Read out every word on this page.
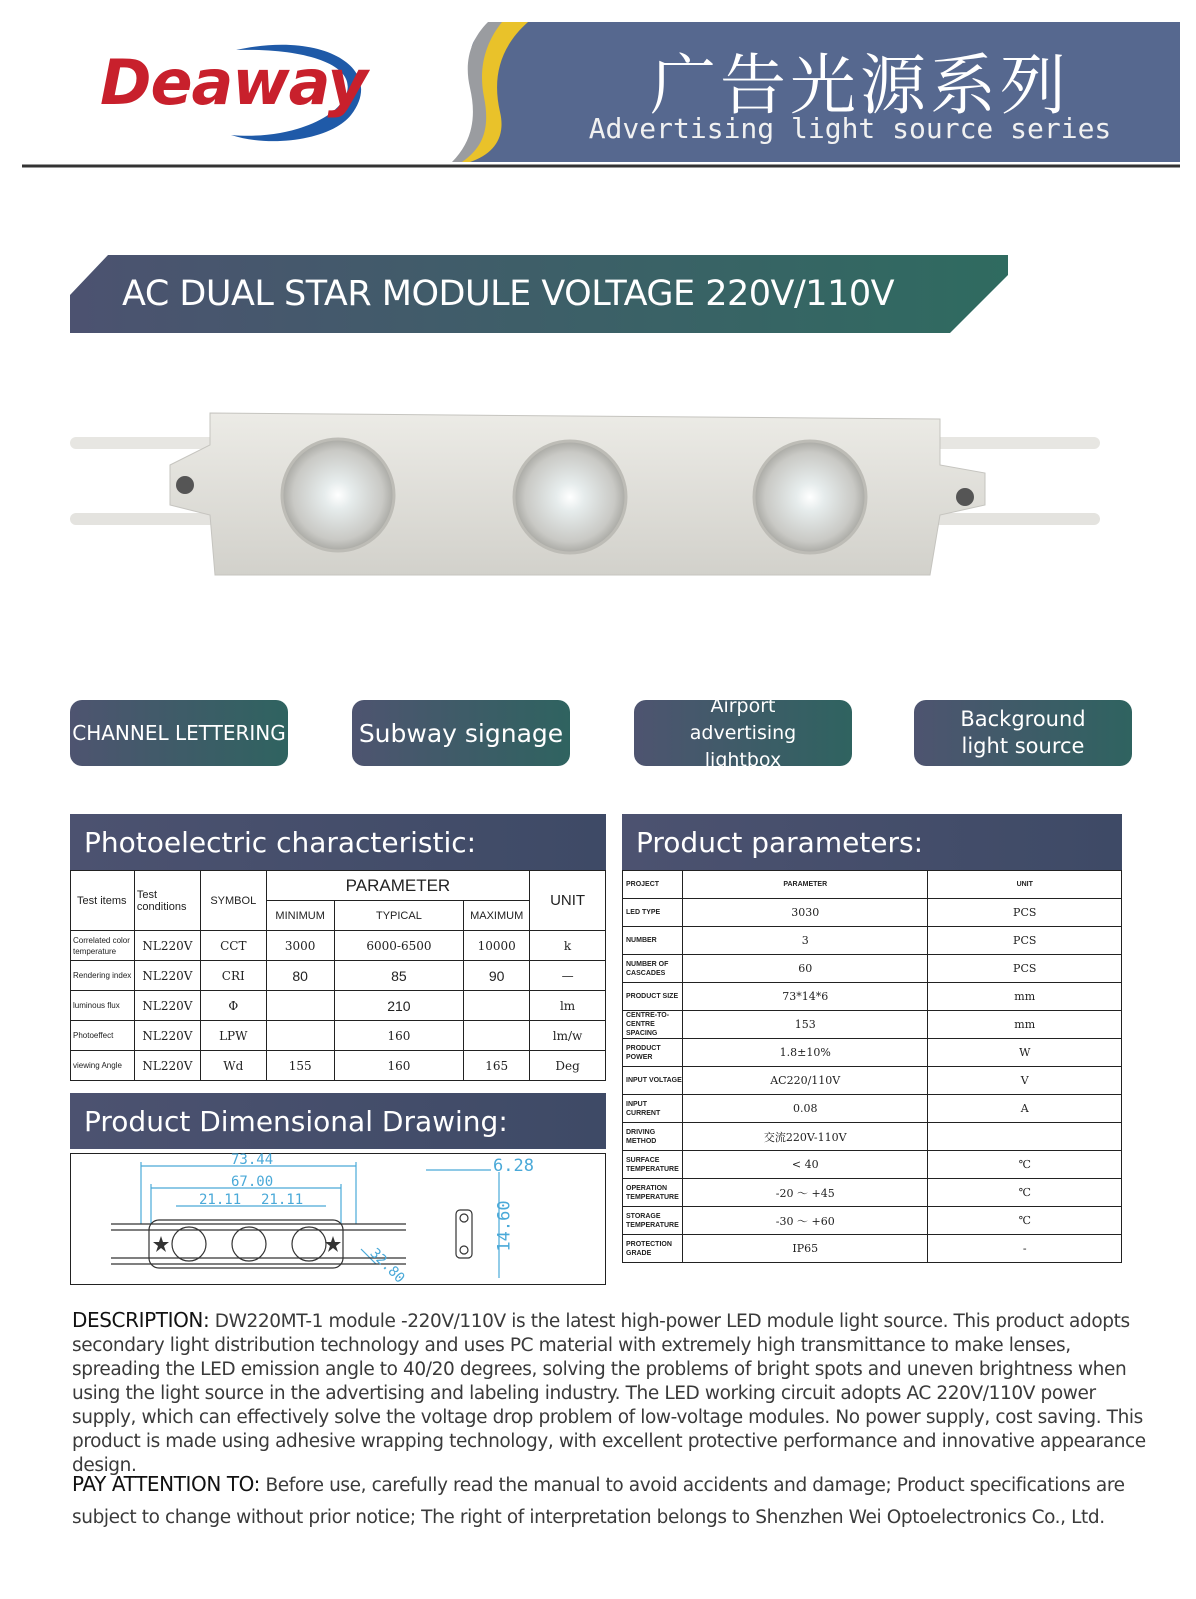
Deaway	广告光源系列
Advertising light source series
AC DUAL STAR MODULE VOLTAGE 220V/110V
CHANNEL LETTERING	Subway signage
Airport advertising lightbox
Background light source
Photoelectric characteristic:
Test items	Test conditions	SYMBOL	PARAMETER			UNIT
			MINIMUM	TYPICAL	MAXIMUM	
Correlated color temperature	NL220V	CCT	3000	6000-6500	10000	k
Rendering index	NL220V	CRI	80	85	90	—
luminous flux	NL220V	Φ		210		lm
Photoeffect	NL220V	LPW		160		lm/w
viewing Angle	NL220V	Wd	155	160	165	Deg
Product Dimensional Drawing:
73.44
67.00
21.11 21.11
6.28
14.60
32.80
Product parameters:
PROJECT	PARAMETER	UNIT
LED TYPE	3030	PCS
NUMBER	3	PCS
NUMBER OF CASCADES	60	PCS
PRODUCT SIZE	73*14*6	mm
CENTRE-TO-CENTRE SPACING	153	mm
PRODUCT POWER	1.8±10%	W
INPUT VOLTAGE	AC220/110V	V
INPUT CURRENT	0.08	A
DRIVING METHOD	交流220V-110V	
SURFACE TEMPERATURE	< 40	℃
OPERATION TEMPERATURE	-20 ～ +45	℃
STORAGE TEMPERATURE	-30 ～ +60	℃
PROTECTION GRADE	IP65	-
DESCRIPTION: DW220MT-1 module -220V/110V is the latest high-power LED module light source. This product adopts secondary light distribution technology and uses PC material with extremely high transmittance to make lenses, spreading the LED emission angle to 40/20 degrees, solving the problems of bright spots and uneven brightness when using the light source in the advertising and labeling industry. The LED working circuit adopts AC 220V/110V power supply, which can effectively solve the voltage drop problem of low-voltage modules. No power supply, cost saving. This product is made using adhesive wrapping technology, with excellent protective performance and innovative appearance design.
PAY ATTENTION TO: Before use, carefully read the manual to avoid accidents and damage; Product specifications are subject to change without prior notice; The right of interpretation belongs to Shenzhen Wei Optoelectronics Co., Ltd.
